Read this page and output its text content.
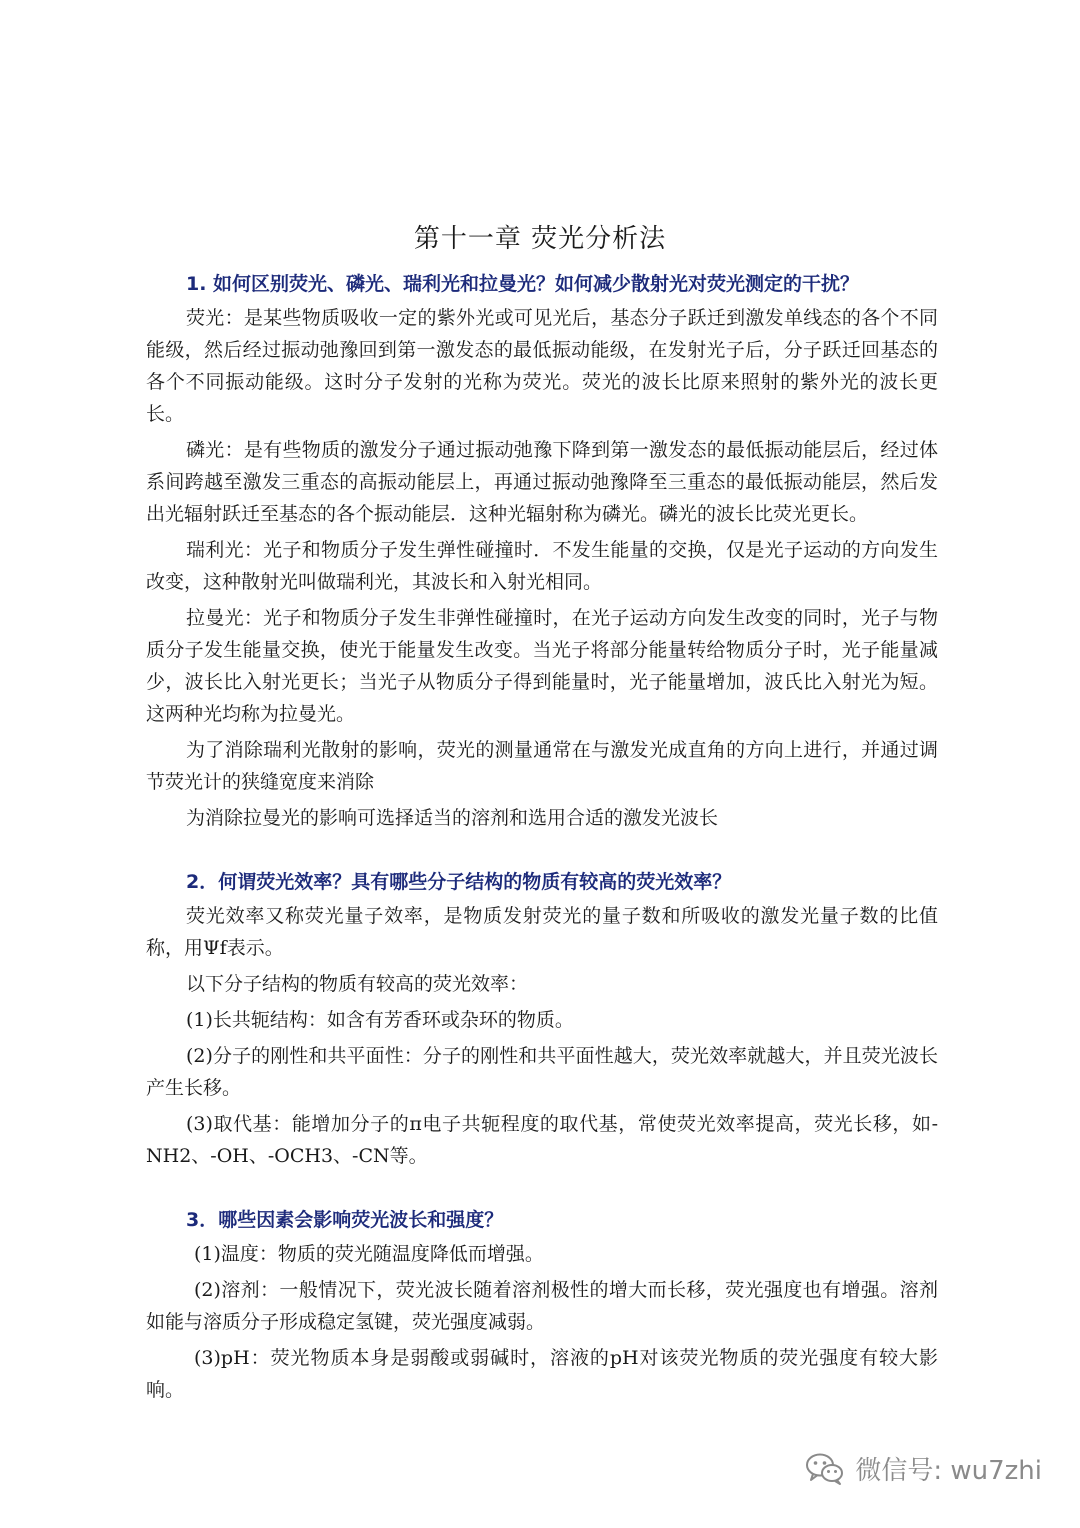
第十一章 荧光分析法
1. 如何区别荧光、磷光、瑞利光和拉曼光？如何减少散射光对荧光测定的干扰？

荧光：是某些物质吸收一定的紫外光或可见光后，基态分子跃迁到激发单线态的各个不同能级，然后经过振动弛豫回到第一激发态的最低振动能级，在发射光子后，分子跃迁回基态的各个不同振动能级。这时分子发射的光称为荧光。荧光的波长比原来照射的紫外光的波长更长。

磷光：是有些物质的激发分子通过振动弛豫下降到第一激发态的最低振动能层后，经过体系间跨越至激发三重态的高振动能层上，再通过振动弛豫降至三重态的最低振动能层，然后发出光辐射跃迁至基态的各个振动能层．这种光辐射称为磷光。磷光的波长比荧光更长。

瑞利光：光子和物质分子发生弹性碰撞时．不发生能量的交换，仅是光子运动的方向发生改变，这种散射光叫做瑞利光，其波长和入射光相同。

拉曼光：光子和物质分子发生非弹性碰撞时，在光子运动方向发生改变的同时，光子与物质分子发生能量交换，使光于能量发生改变。当光子将部分能量转给物质分子时，光子能量减少，波长比入射光更长；当光子从物质分子得到能量时，光子能量增加，波氏比入射光为短。这两种光均称为拉曼光。

为了消除瑞利光散射的影响，荧光的测量通常在与激发光成直角的方向上进行，并通过调节荧光计的狭缝宽度来消除

为消除拉曼光的影响可选择适当的溶剂和选用合适的激发光波长

2．何谓荧光效率？具有哪些分子结构的物质有较高的荧光效率？

荧光效率又称荧光量子效率，是物质发射荧光的量子数和所吸收的激发光量子数的比值称，用Ψf表示。

以下分子结构的物质有较高的荧光效率：

(1)长共轭结构：如含有芳香环或杂环的物质。

(2)分子的刚性和共平面性：分子的刚性和共平面性越大，荧光效率就越大，并且荧光波长产生长移。

(3)取代基：能增加分子的π电子共轭程度的取代基，常使荧光效率提高，荧光长移，如-NH2、-OH、-OCH3、-CN等。

3．哪些因素会影响荧光波长和强度？

(1)温度：物质的荧光随温度降低而增强。

(2)溶剂：一般情况下，荧光波长随着溶剂极性的增大而长移，荧光强度也有增强。溶剂如能与溶质分子形成稳定氢键，荧光强度减弱。

(3)pH：荧光物质本身是弱酸或弱碱时，溶液的pH对该荧光物质的荧光强度有较大影响。

微信号: wu7zhi
